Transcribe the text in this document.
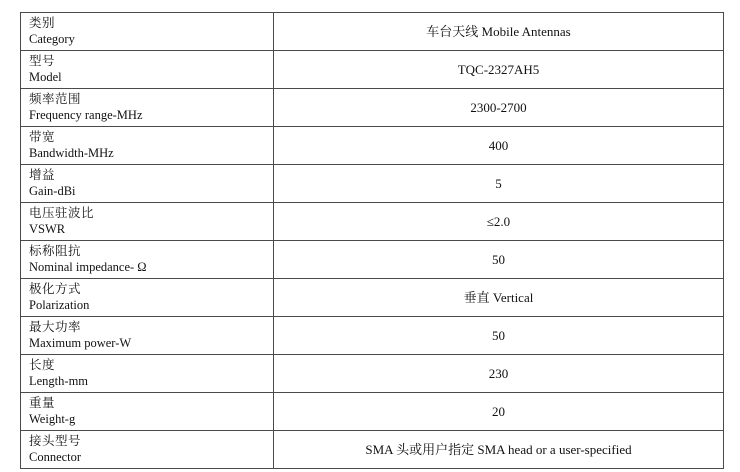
类别
Category	车台天线 Mobile Antennas

型号
Model	TQC-2327AH5

频率范围
Frequency range-MHz	2300-2700

带宽
Bandwidth-MHz	400

增益
Gain-dBi	5

电压驻波比
VSWR	≤2.0

标称阻抗
Nominal impedance- Ω	50

极化方式
Polarization	垂直 Vertical

最大功率
Maximum power-W	50

长度
Length-mm	230

重量
Weight-g	20

接头型号
Connector	SMA 头或用户指定 SMA head or a user-specified
